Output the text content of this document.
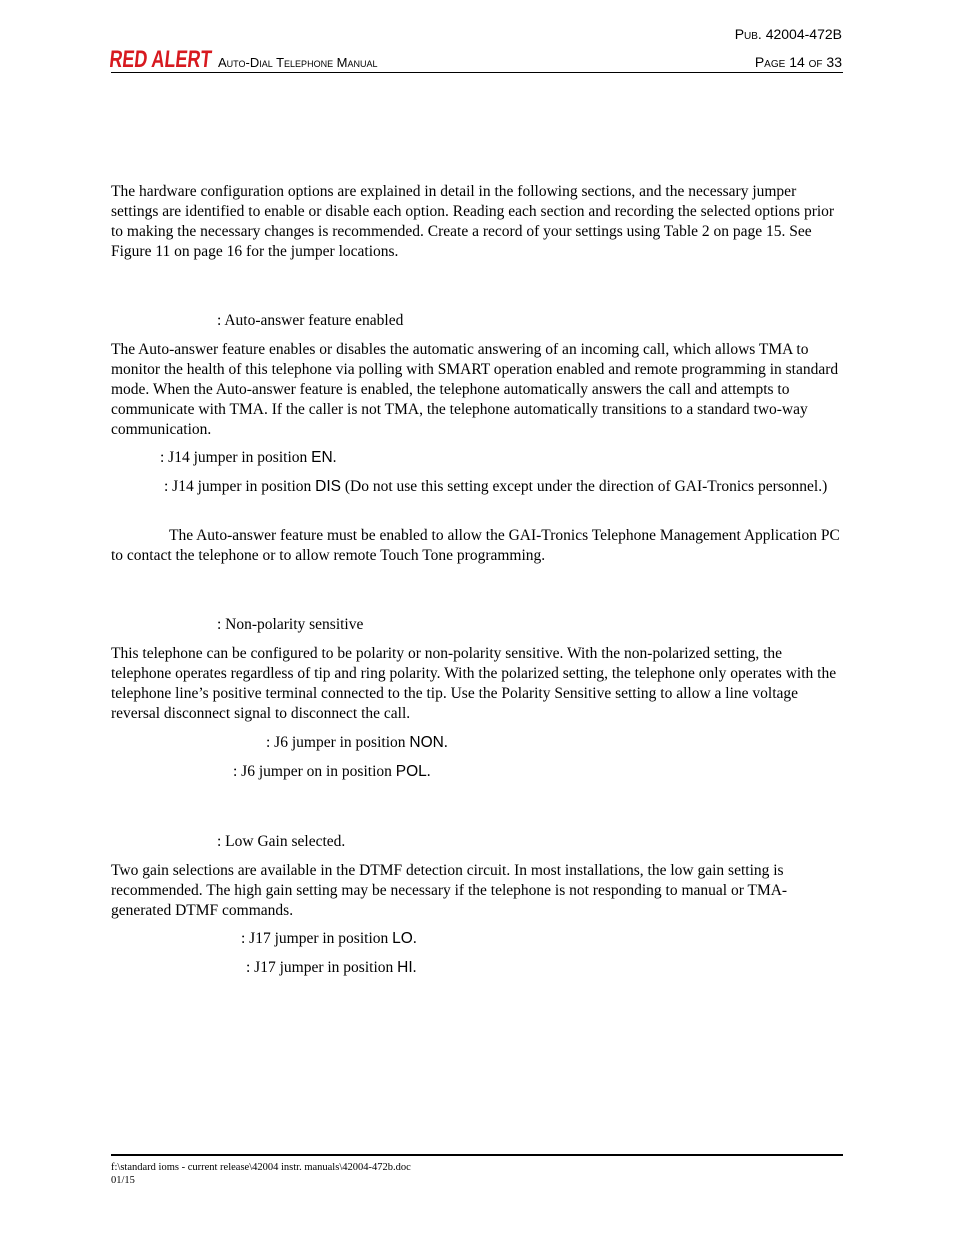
Pub. 42004-472B
RED ALERT
Auto-Dial Telephone Manual	Page 14 of 33
The hardware configuration options are explained in detail in the following sections, and the necessary jumper settings are identified to enable or disable each option. Reading each section and recording the selected options prior to making the necessary changes is recommended. Create a record of your settings using Table 2 on page 15. See Figure 11 on page 16 for the jumper locations.
: Auto-answer feature enabled
The Auto-answer feature enables or disables the automatic answering of an incoming call, which allows TMA to monitor the health of this telephone via polling with SMART operation enabled and remote programming in standard mode. When the Auto-answer feature is enabled, the telephone automatically answers the call and attempts to communicate with TMA. If the caller is not TMA, the telephone automatically transitions to a standard two-way communication.
: J14 jumper in position EN.
: J14 jumper in position DIS (Do not use this setting except under the direction of GAI-Tronics personnel.)
The Auto-answer feature must be enabled to allow the GAI-Tronics Telephone Management Application PC to contact the telephone or to allow remote Touch Tone programming.
: Non-polarity sensitive
This telephone can be configured to be polarity or non-polarity sensitive. With the non-polarized setting, the telephone operates regardless of tip and ring polarity. With the polarized setting, the telephone only operates with the telephone line’s positive terminal connected to the tip. Use the Polarity Sensitive setting to allow a line voltage reversal disconnect signal to disconnect the call.
: J6 jumper in position NON.
: J6 jumper on in position POL.
: Low Gain selected.
Two gain selections are available in the DTMF detection circuit. In most installations, the low gain setting is recommended. The high gain setting may be necessary if the telephone is not responding to manual or TMA-generated DTMF commands.
: J17 jumper in position LO.
: J17 jumper in position HI.
f:\standard ioms - current release\42004 instr. manuals\42004-472b.doc
01/15
